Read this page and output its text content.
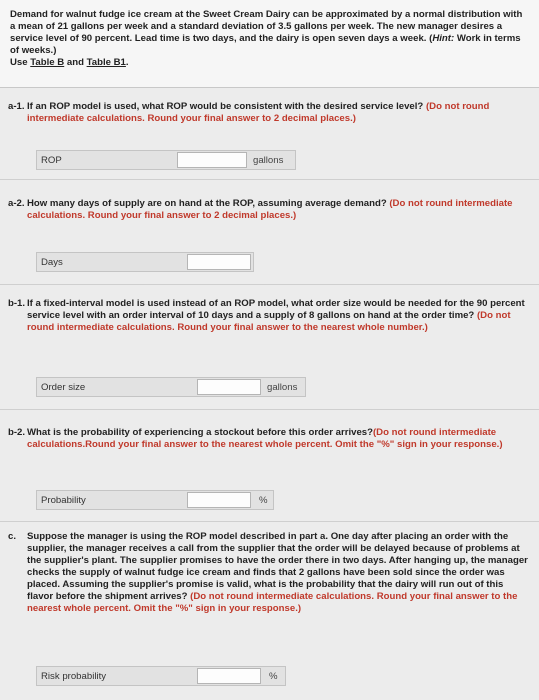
Demand for walnut fudge ice cream at the Sweet Cream Dairy can be approximated by a normal distribution with a mean of 21 gallons per week and a standard deviation of 3.5 gallons per week. The new manager desires a service level of 90 percent. Lead time is two days, and the dairy is open seven days a week. (Hint: Work in terms of weeks.)
Use Table B and Table B1.
a-1. If an ROP model is used, what ROP would be consistent with the desired service level? (Do not round intermediate calculations. Round your final answer to 2 decimal places.)
ROP	gallons
a-2. How many days of supply are on hand at the ROP, assuming average demand? (Do not round intermediate calculations. Round your final answer to 2 decimal places.)
Days
b-1. If a fixed-interval model is used instead of an ROP model, what order size would be needed for the 90 percent service level with an order interval of 10 days and a supply of 8 gallons on hand at the order time? (Do not round intermediate calculations. Round your final answer to the nearest whole number.)
Order size	gallons
b-2. What is the probability of experiencing a stockout before this order arrives?(Do not round intermediate calculations.Round your final answer to the nearest whole percent. Omit the "%" sign in your response.)
Probability	%
c. Suppose the manager is using the ROP model described in part a. One day after placing an order with the supplier, the manager receives a call from the supplier that the order will be delayed because of problems at the supplier's plant. The supplier promises to have the order there in two days. After hanging up, the manager checks the supply of walnut fudge ice cream and finds that 2 gallons have been sold since the order was placed. Assuming the supplier's promise is valid, what is the probability that the dairy will run out of this flavor before the shipment arrives? (Do not round intermediate calculations. Round your final answer to the nearest whole percent. Omit the "%" sign in your response.)
Risk probability	%
